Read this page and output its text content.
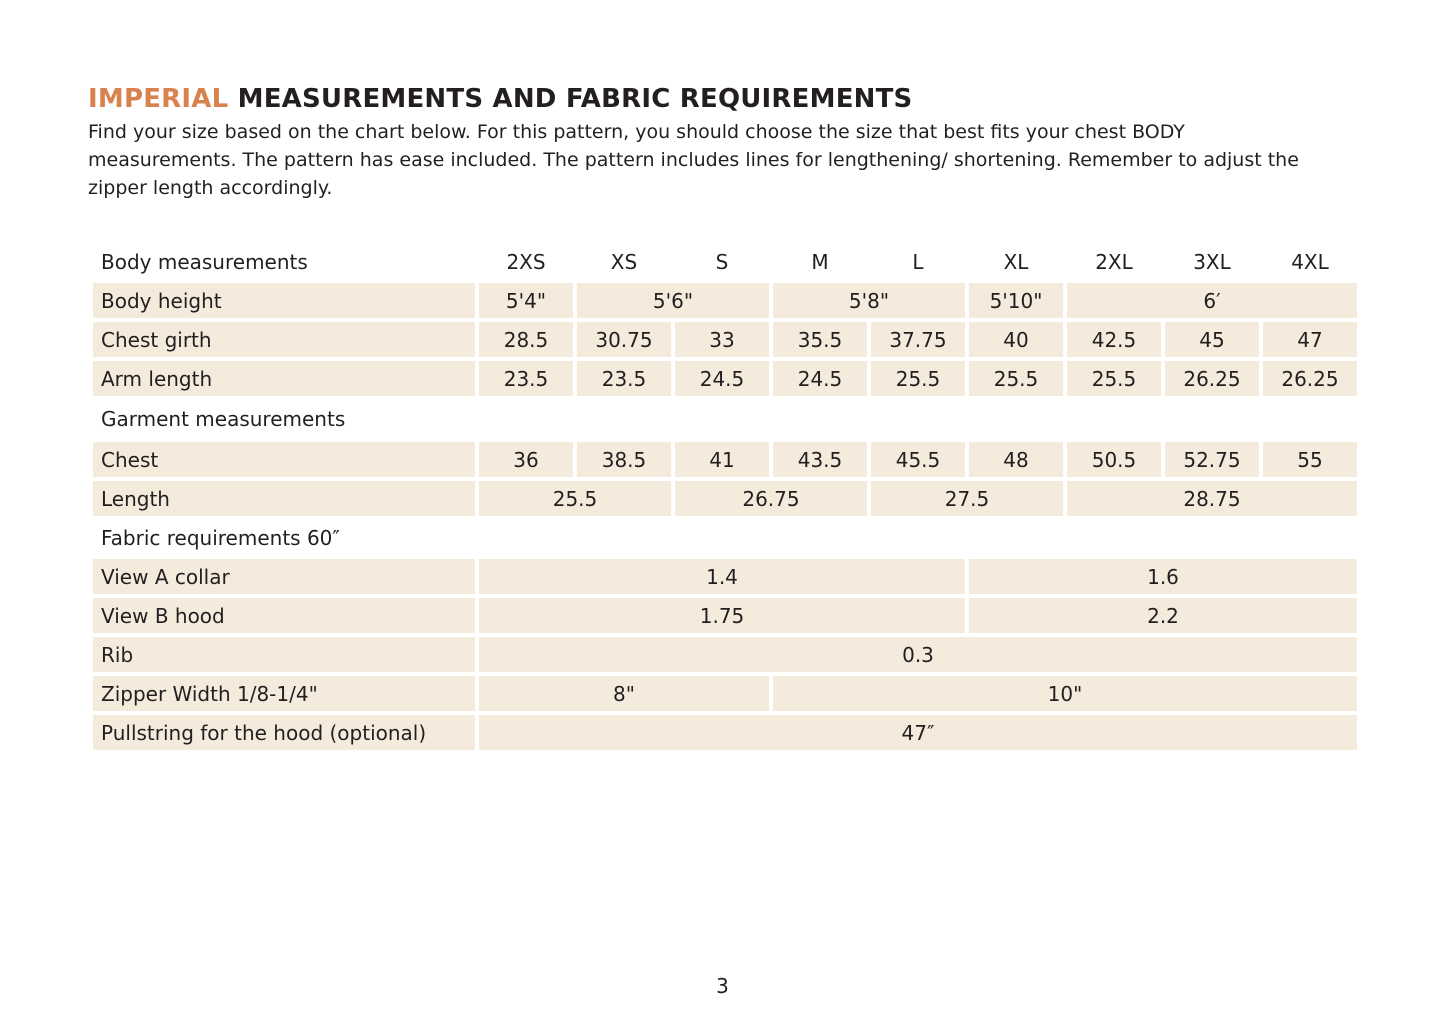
IMPERIAL MEASUREMENTS AND FABRIC REQUIREMENTS

Find your size based on the chart below. For this pattern, you should choose the size that best fits your chest BODY measurements. The pattern has ease included. The pattern includes lines for lengthening/ shortening. Remember to adjust the zipper length accordingly.

Body measurements	2XS	XS	S	M	L	XL	2XL	3XL	4XL
Body height	5'4"	5'6"		5'8"		5'10"	6′		
Chest girth	28.5	30.75	33	35.5	37.75	40	42.5	45	47
Arm length	23.5	23.5	24.5	24.5	25.5	25.5	25.5	26.25	26.25
Garment measurements									
Chest	36	38.5	41	43.5	45.5	48	50.5	52.75	55
Length	25.5		26.75		27.5		28.75		
Fabric requirements 60″									
View A collar	1.4					1.6			
View B hood	1.75					2.2			
Rib	0.3								
Zipper Width 1/8-1/4"	8"			10"					
Pullstring for the hood (optional)	47″								
3
